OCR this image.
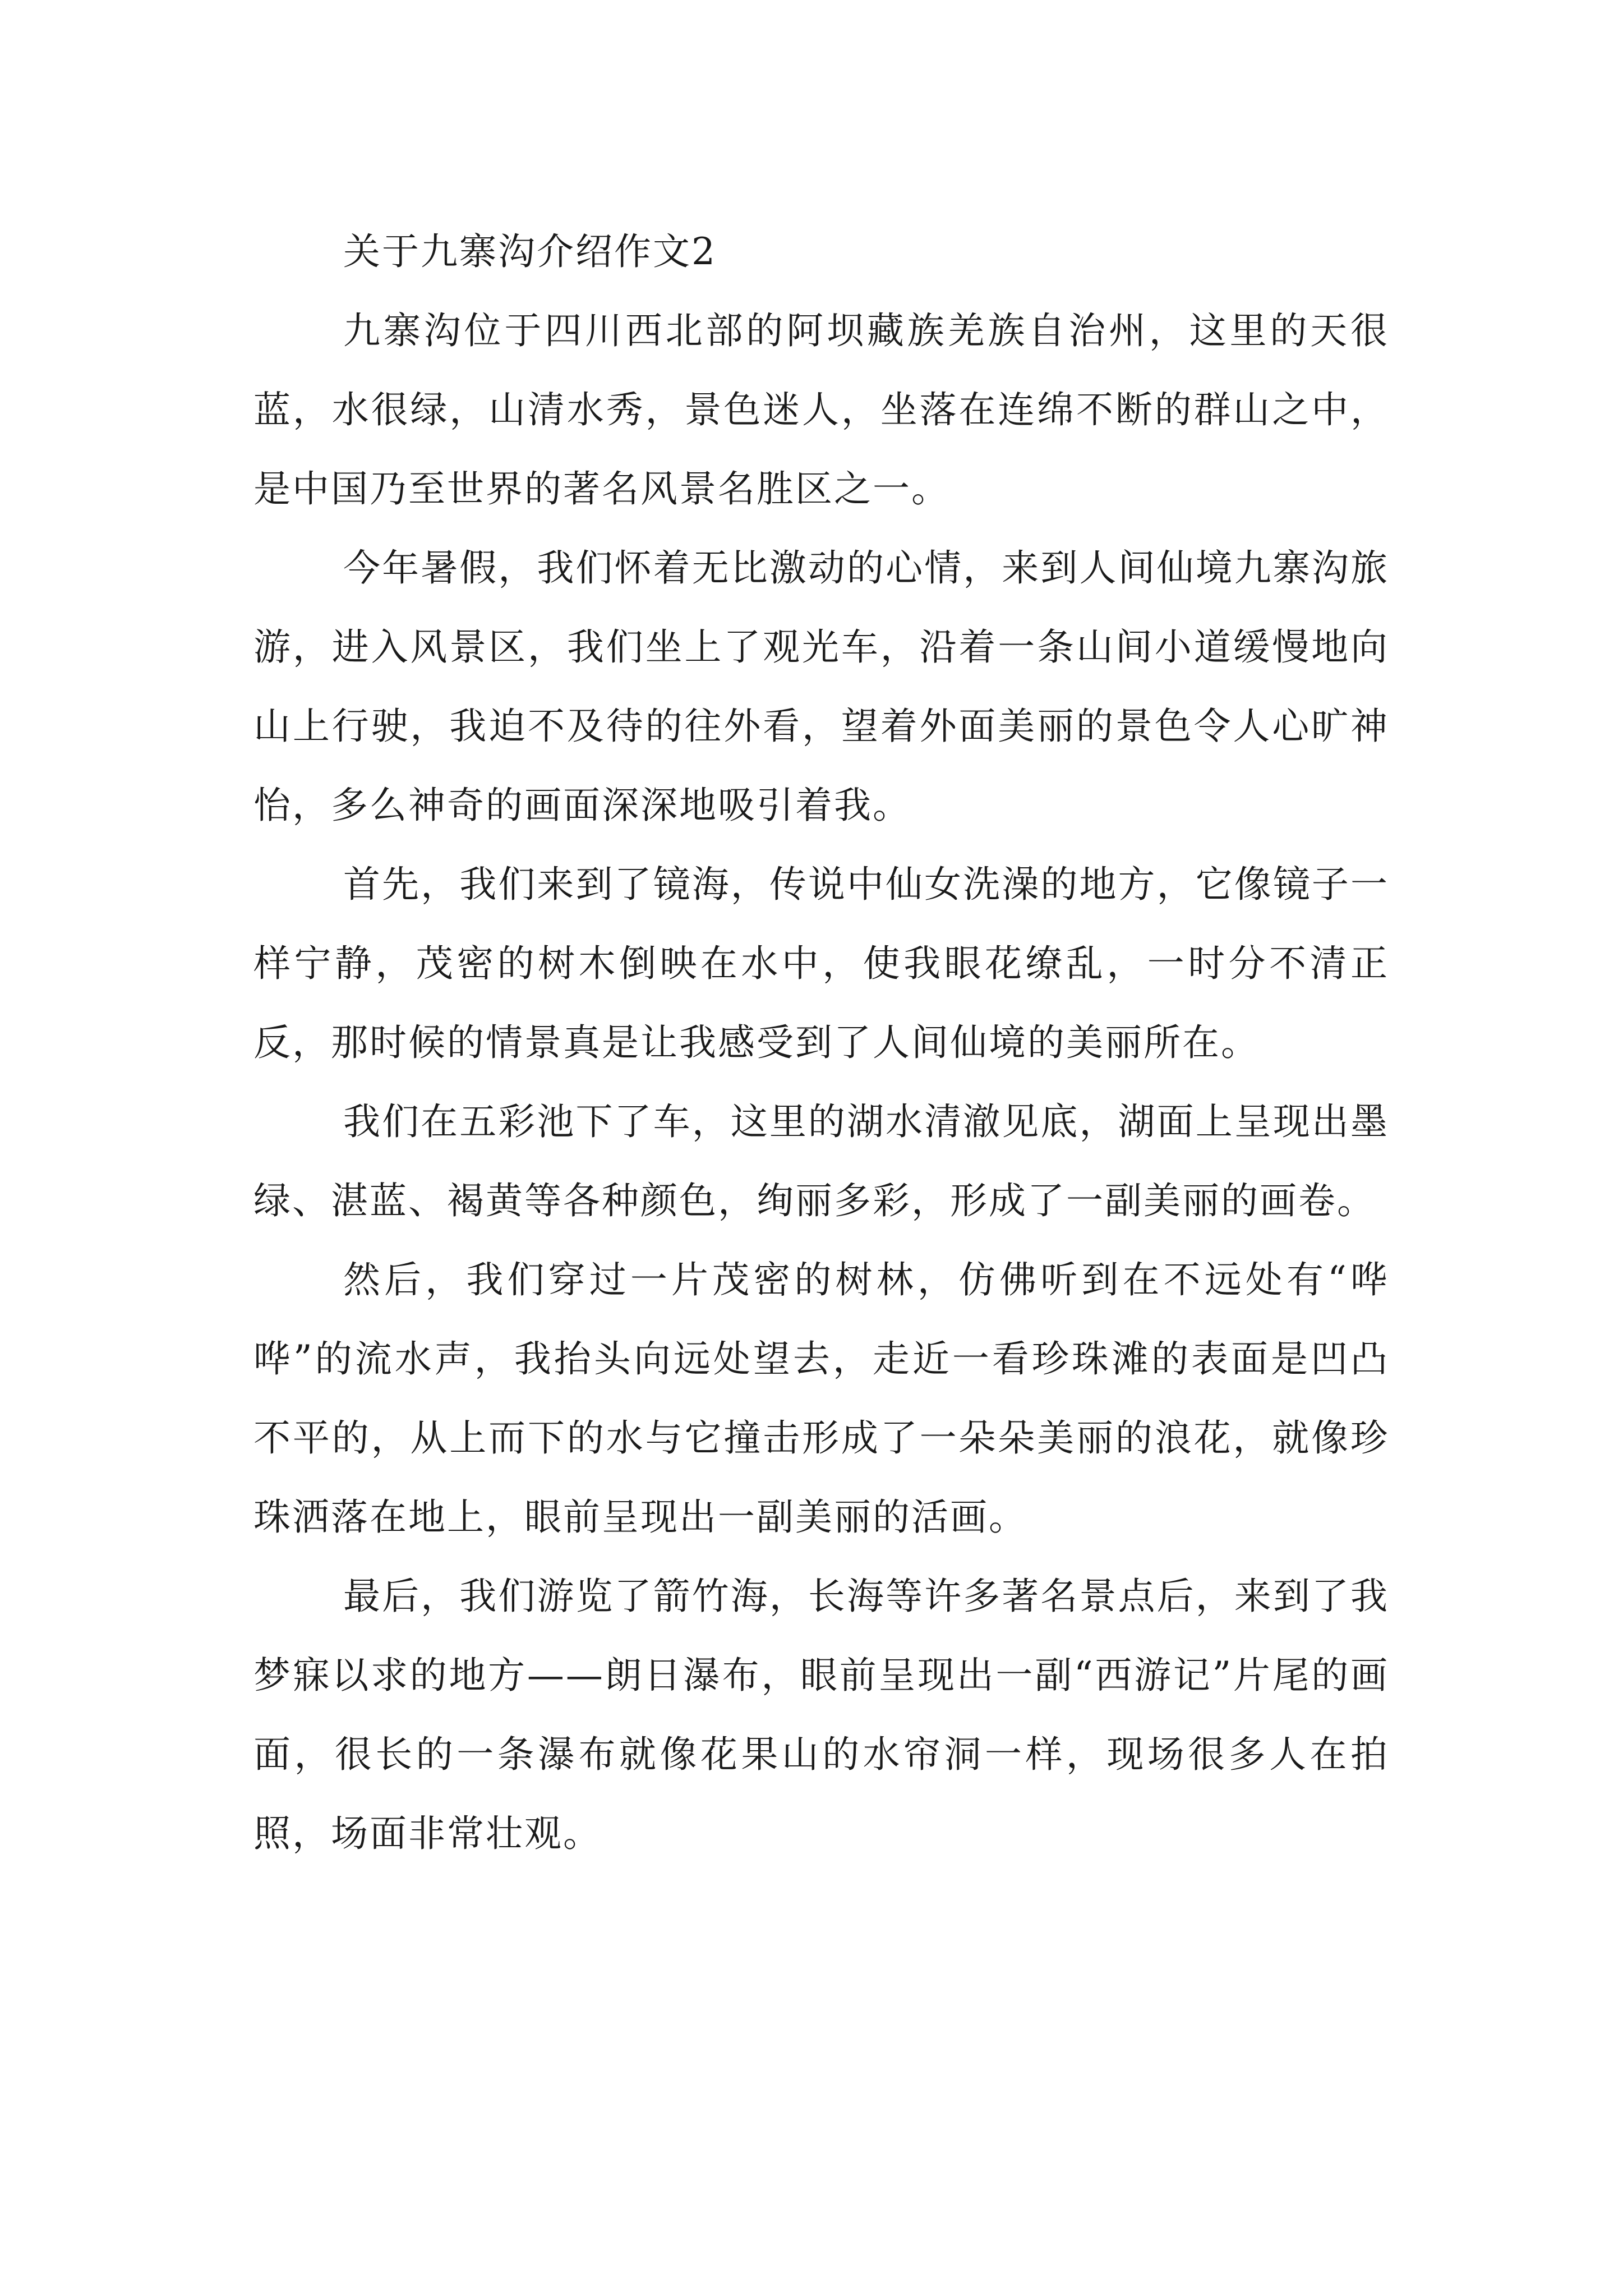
关于九寨沟介绍作文2

九寨沟位于四川西北部的阿坝藏族羌族自治州，这里的天很蓝，水很绿，山清水秀，景色迷人，坐落在连绵不断的群山之中，是中国乃至世界的著名风景名胜区之一。

今年暑假，我们怀着无比激动的心情，来到人间仙境九寨沟旅游，进入风景区，我们坐上了观光车，沿着一条山间小道缓慢地向山上行驶，我迫不及待的往外看，望着外面美丽的景色令人心旷神怡，多么神奇的画面深深地吸引着我。

首先，我们来到了镜海，传说中仙女洗澡的地方，它像镜子一样宁静，茂密的树木倒映在水中，使我眼花缭乱，一时分不清正反，那时候的情景真是让我感受到了人间仙境的美丽所在。

我们在五彩池下了车，这里的湖水清澈见底，湖面上呈现出墨绿、湛蓝、褐黄等各种颜色，绚丽多彩，形成了一副美丽的画卷。

然后，我们穿过一片茂密的树林，仿佛听到在不远处有“哗哗”的流水声，我抬头向远处望去，走近一看珍珠滩的表面是凹凸不平的，从上而下的水与它撞击形成了一朵朵美丽的浪花，就像珍珠洒落在地上，眼前呈现出一副美丽的活画。

最后，我们游览了箭竹海，长海等许多著名景点后，来到了我梦寐以求的地方——朗日瀑布，眼前呈现出一副“西游记”片尾的画面，很长的一条瀑布就像花果山的水帘洞一样，现场很多人在拍照，场面非常壮观。
